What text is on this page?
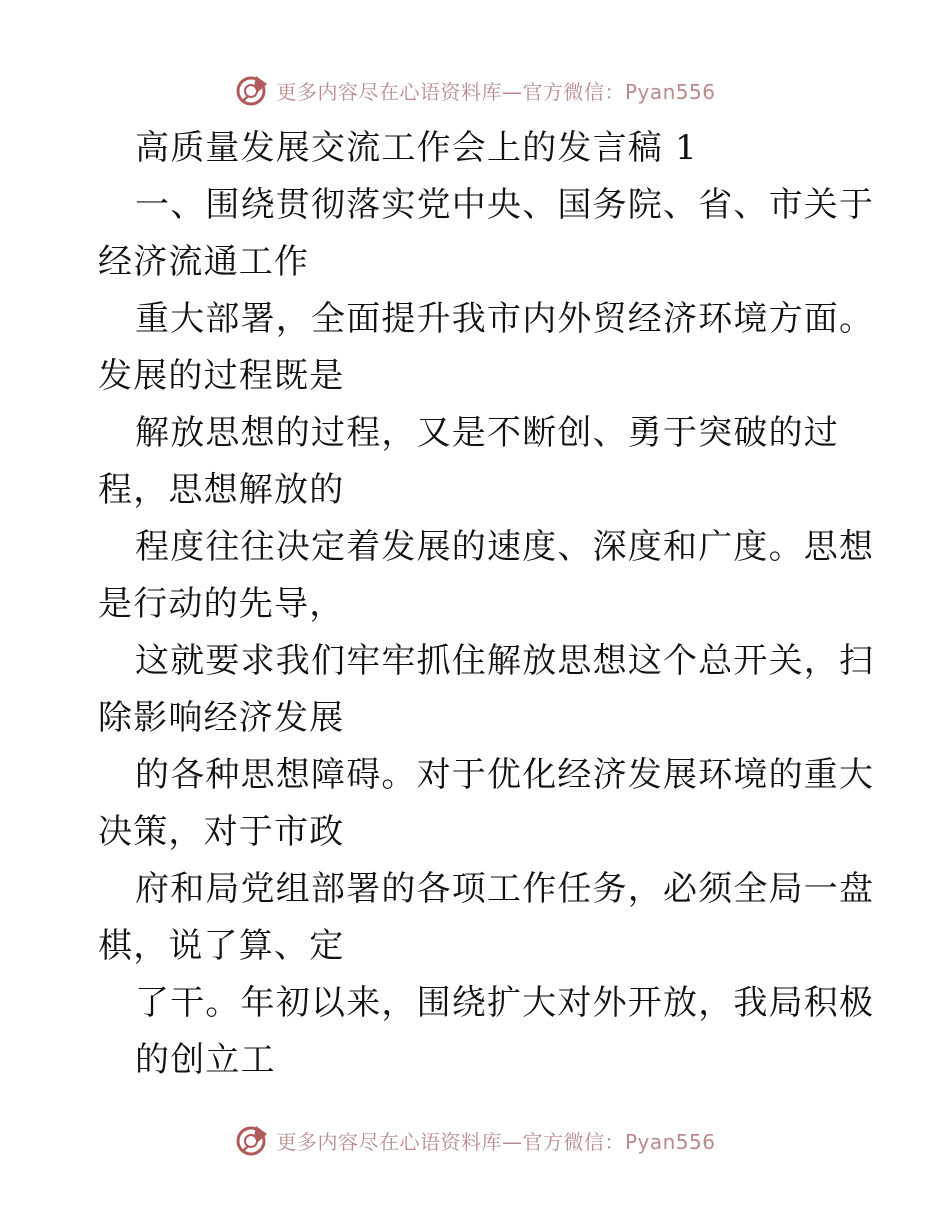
更多内容尽在心语资料库—官方微信：Pyan556

高质量发展交流工作会上的发言稿 1

一、围绕贯彻落实党中央、国务院、省、市关于

经济流通工作

重大部署，全面提升我市内外贸经济环境方面。

发展的过程既是

解放思想的过程，又是不断创、勇于突破的过

程，思想解放的

程度往往决定着发展的速度、深度和广度。思想

是行动的先导，

这就要求我们牢牢抓住解放思想这个总开关，扫

除影响经济发展

的各种思想障碍。对于优化经济发展环境的重大

决策，对于市政

府和局党组部署的各项工作任务，必须全局一盘

棋，说了算、定

了干。年初以来，围绕扩大对外开放，我局积极

的创立工

更多内容尽在心语资料库—官方微信：Pyan556
